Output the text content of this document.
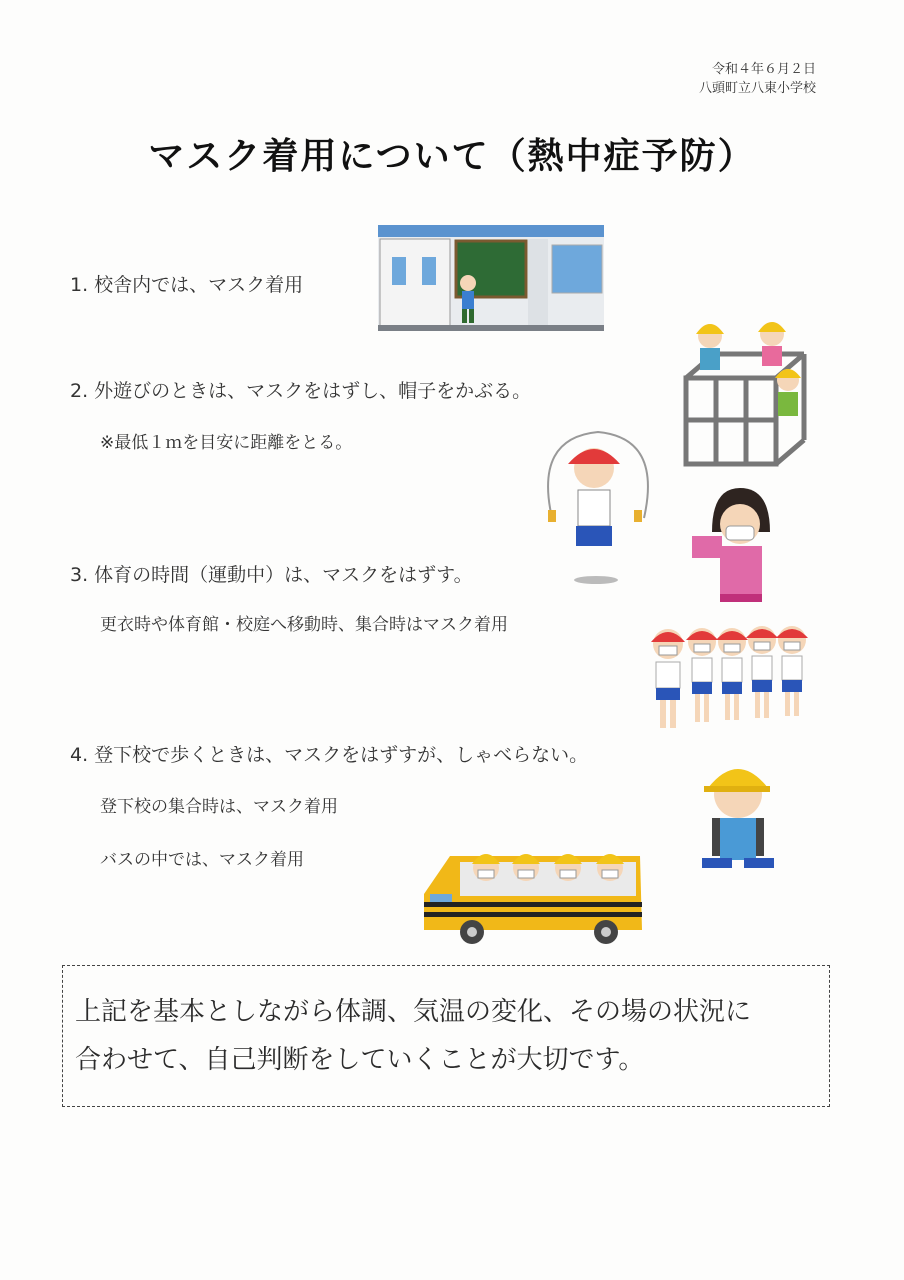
令和４年６月２日
八頭町立八東小学校
マスク着用について（熱中症予防）
1. 校舎内では、マスク着用
2. 外遊びのときは、マスクをはずし、帽子をかぶる。
※最低１ｍを目安に距離をとる。
3. 体育の時間（運動中）は、マスクをはずす。
更衣時や体育館・校庭へ移動時、集合時はマスク着用
4. 登下校で歩くときは、マスクをはずすが、しゃべらない。
登下校の集合時は、マスク着用
バスの中では、マスク着用
上記を基本としながら体調、気温の変化、その場の状況に
合わせて、自己判断をしていくことが大切です。
